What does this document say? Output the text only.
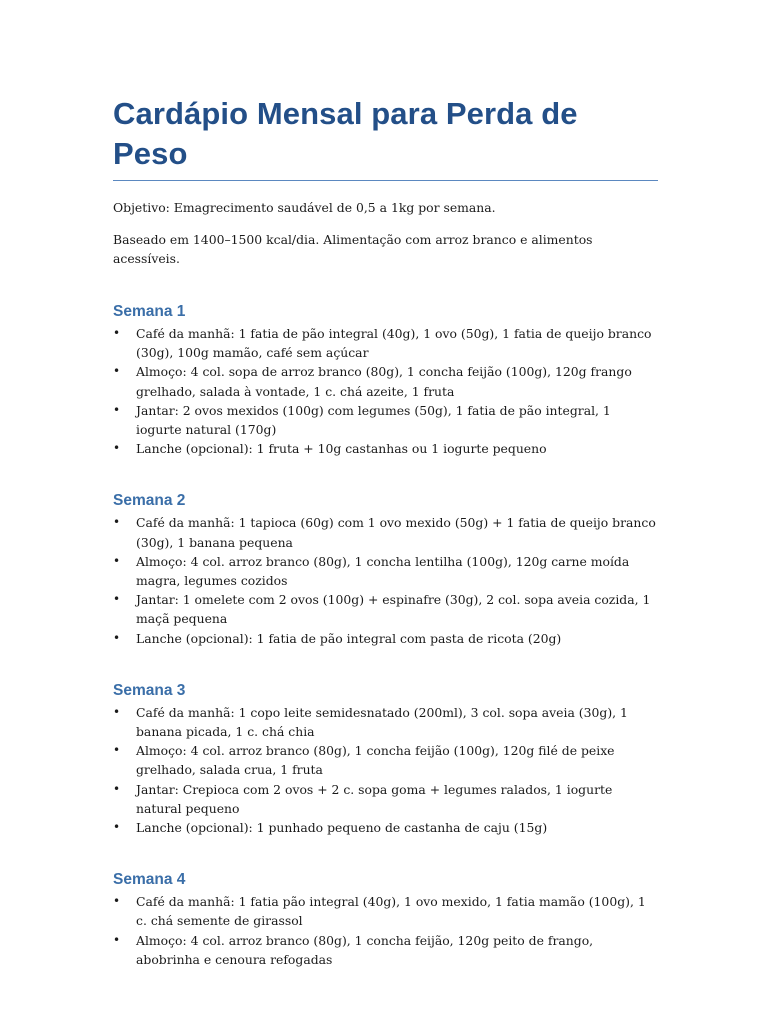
Cardápio Mensal para Perda de Peso

Objetivo: Emagrecimento saudável de 0,5 a 1kg por semana.

Baseado em 1400–1500 kcal/dia. Alimentação com arroz branco e alimentos acessíveis.

Semana 1
• Café da manhã: 1 fatia de pão integral (40g), 1 ovo (50g), 1 fatia de queijo branco (30g), 100g mamão, café sem açúcar
• Almoço: 4 col. sopa de arroz branco (80g), 1 concha feijão (100g), 120g frango grelhado, salada à vontade, 1 c. chá azeite, 1 fruta
• Jantar: 2 ovos mexidos (100g) com legumes (50g), 1 fatia de pão integral, 1 iogurte natural (170g)
• Lanche (opcional): 1 fruta + 10g castanhas ou 1 iogurte pequeno
Semana 2
• Café da manhã: 1 tapioca (60g) com 1 ovo mexido (50g) + 1 fatia de queijo branco (30g), 1 banana pequena
• Almoço: 4 col. arroz branco (80g), 1 concha lentilha (100g), 120g carne moída magra, legumes cozidos
• Jantar: 1 omelete com 2 ovos (100g) + espinafre (30g), 2 col. sopa aveia cozida, 1 maçã pequena
• Lanche (opcional): 1 fatia de pão integral com pasta de ricota (20g)
Semana 3
• Café da manhã: 1 copo leite semidesnatado (200ml), 3 col. sopa aveia (30g), 1 banana picada, 1 c. chá chia
• Almoço: 4 col. arroz branco (80g), 1 concha feijão (100g), 120g filé de peixe grelhado, salada crua, 1 fruta
• Jantar: Crepioca com 2 ovos + 2 c. sopa goma + legumes ralados, 1 iogurte natural pequeno
• Lanche (opcional): 1 punhado pequeno de castanha de caju (15g)
Semana 4
• Café da manhã: 1 fatia pão integral (40g), 1 ovo mexido, 1 fatia mamão (100g), 1 c. chá semente de girassol
• Almoço: 4 col. arroz branco (80g), 1 concha feijão, 120g peito de frango, abobrinha e cenoura refogadas
